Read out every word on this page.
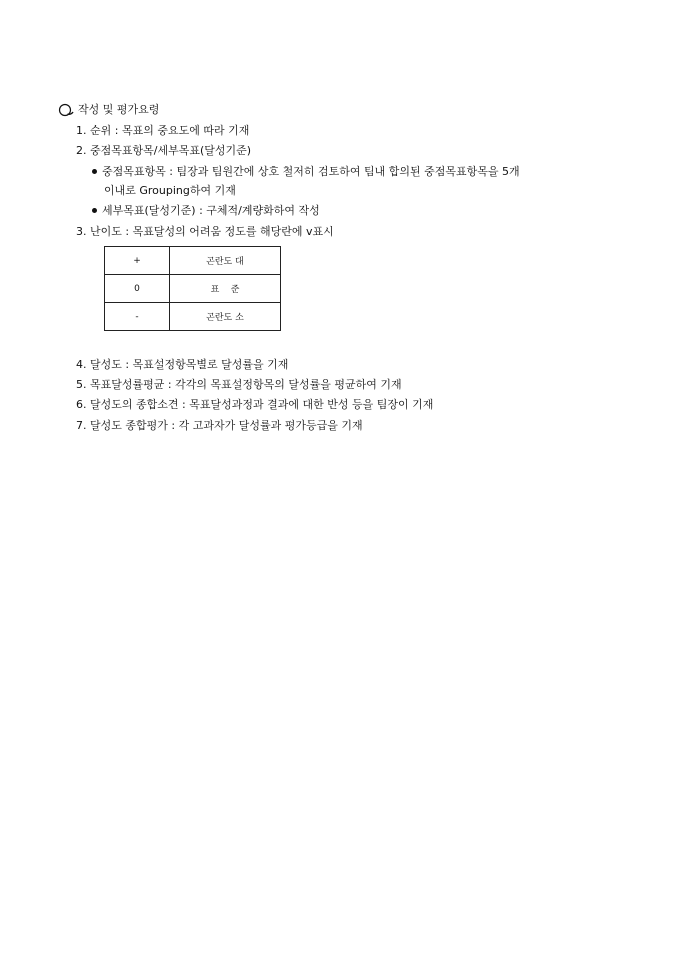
작성 및 평가요령
1. 순위 : 목표의 중요도에 따라 기재
2. 중점목표항목/세부목표(달성기준)
중점목표항목 : 팀장과 팀원간에 상호 철저히 검토하여 팀내 합의된 중점목표항목을 5개
이내로 Grouping하여 기재
세부목표(달성기준) : 구체적/계량화하여 작성
3. 난이도 : 목표달성의 어려움 정도를 해당란에 v표시
+	곤란도 대
0	표    준
-	곤란도 소
4. 달성도 : 목표설정항목별로 달성률을 기재
5. 목표달성률평균 : 각각의 목표설정항목의 달성률을 평균하여 기재
6. 달성도의 종합소견 : 목표달성과정과 결과에 대한 반성 등을 팀장이 기재
7. 달성도 종합평가 : 각 고과자가 달성률과 평가등급을 기재
